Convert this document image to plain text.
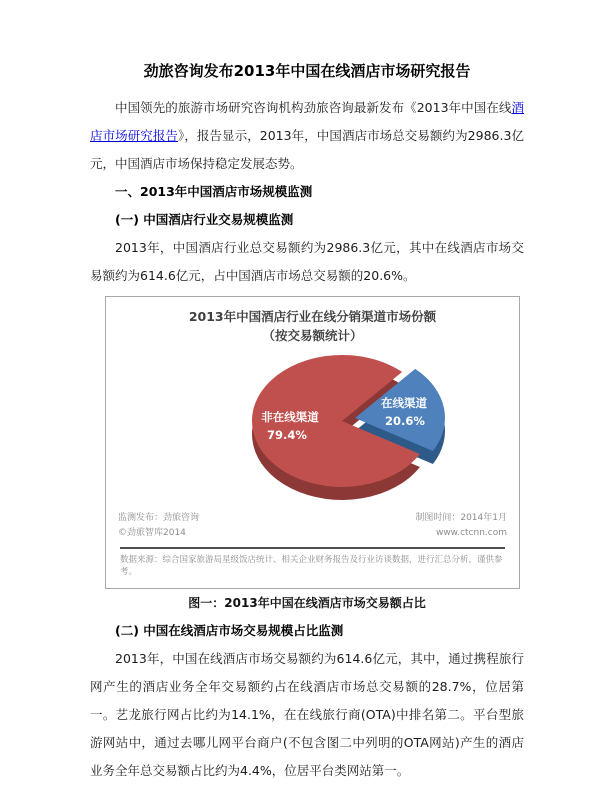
劲旅咨询发布2013年中国在线酒店市场研究报告

中国领先的旅游市场研究咨询机构劲旅咨询最新发布《2013年中国在线酒店市场研究报告》，报告显示，2013年，中国酒店市场总交易额约为2986.3亿元，中国酒店市场保持稳定发展态势。

一、2013年中国酒店市场规模监测
(一) 中国酒店行业交易规模监测

2013年，中国酒店行业总交易额约为2986.3亿元，其中在线酒店市场交易额约为614.6亿元，占中国酒店市场总交易额的20.6%。

2013年中国酒店行业在线分销渠道市场份额
（按交易额统计）
非在线渠道
79.4%
在线渠道
20.6%
监测发布：劲旅咨询
©劲旅智库2014
制图时间：2014年1月
www.ctcnn.com
数据来源：综合国家旅游局星级饭店统计、相关企业财务报告及行业访谈数据，进行汇总分析，谨供参考。
图一：2013年中国在线酒店市场交易额占比
(二) 中国在线酒店市场交易规模占比监测

2013年，中国在线酒店市场交易额约为614.6亿元，其中，通过携程旅行网产生的酒店业务全年交易额约占在线酒店市场总交易额的28.7%，位居第一。艺龙旅行网占比约为14.1%，在在线旅行商(OTA)中排名第二。平台型旅游网站中，通过去哪儿网平台商户(不包含图二中列明的OTA网站)产生的酒店业务全年总交易额占比约为4.4%，位居平台类网站第一。
